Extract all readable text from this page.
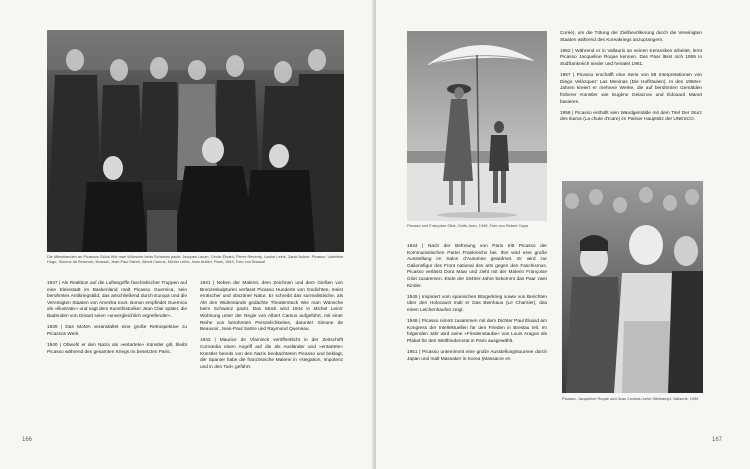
Die Mitwirkenden an Picassos Stück Wie man Wünsche beim Schwanz packt: Jacques Lacan, Cécile Éluard, Pierre Reverdy, Louise Leiris, Zanie Aubier, Picasso, Valentine Hugo, Simone de Beauvoir, Brassaï, Jean-Paul Sartre, Albert Camus, Michel Leiris, Jean Aubier, Paris, 1944, Foto von Brassaï

1937 | Als Reaktion auf die Luftangriffe faschistischer Truppen auf eine Kleinstadt im Baskenland malt Picasso Guernica, sein berühmtes Antikriegsbild, das anschließend durch Europa und die Vereinigten Staaten von Amerika tourt. Bonon empfindet Guernica als »illustrativ« und sagt dem Kunsthistoriker Jean Clair später, die Badenden von Dinard seien »unvergleichlich ergreifender«.

1939 | Das MoMA veranstaltet eine große Retrospektive zu Picassos Werk.

1940 | Obwohl er den Nazis als »entartete« Künstler gilt, bleibt Picasso während des gesamten Kriegs im besetzten Paris.

1941 | Neben der Malerei, dem Zeichnen und dem Gießen von Bronzeskulpturen verfasst Picasso Hunderte von Gedichten, meist erotischer und obszöner Natur. Er schreibt das surrealistische, als Akt des Widerstands gedachte Theaterstück Wie man Wünsche beim Schwanz packt. Das Stück wird 1944 in Michel Leiris' Wohnung unter der Regie von Albert Camus aufgeführt, mit einer Reihe von berühmten Persönlichkeiten, darunter Simone de Beauvoir, Jean-Paul Sartre und Raymond Queneau.

1942 | Maurice de Vlaminck veröffentlicht in der Zeitschrift Comœdia einen Angriff auf die als Ausländer und »entartete« Künstler bereits von den Nazis beobachteten Picasso und beklagt, der Spanier habe die französische Malerei in »Negation, Impotenz und in den Tod« geführt.

166
Picasso und Françoise Gilot, Golfe-Juan, 1948, Foto von Robert Capa

Corée), um die Tötung der Zivilbevölkerung durch die Vereinigten Staaten während des Koreakriegs anzuprangern.

1952 | Während er in Vallauris an seinen Keramiken arbeitet, lernt Picasso Jacqueline Roque kennen. Das Paar lässt sich 1955 in Südfrankreich nieder und heiratet 1961.

1957 | Picasso erschafft eine Serie von 58 Interpretationen von Diego Velázquez' Las Meninas (Die Hoffräulein). In den 1950er-Jahren kreiert er mehrere Werke, die auf berühmten Gemälden früherer Künstler wie Eugène Delacroix und Édouard Manet basieren.

1958 | Picasso enthüllt sein Wandgemälde mit dem Titel Der Sturz des Ikarus (La chute d'Icare) im Pariser Hauptsitz der UNESCO.

1944 | Nach der Befreiung von Paris tritt Picasso der Kommunistischen Partei Frankreichs bei. Ihm wird eine große Ausstellung im Salon d'Automne gewidmet. Er wird zur Galionsfigur des Front national des arts gegen den Faschismus. Picasso verlässt Dora Maar und zieht mit der Malerin Françoise Gilot zusammen. Ende der 1940er-Jahre bekommt das Paar zwei Kinder.

1945 | Inspiriert vom spanischen Bürgerkrieg sowie von Berichten über den Holocaust malt er Das Beinhaus (Le Charnier), das einen Leichenhaufen zeigt.

1948 | Picasso nimmt zusammen mit dem Dichter Paul Éluard am Kongress der Intellektuellen für den Frieden in Breslau teil. Im folgenden Jahr wird seine »Friedenstaube« von Louis Aragon als Plakat für den Weltfriedensrat in Paris ausgewählt.

1951 | Picasso unternimmt eine große Ausstellungstournee durch Japan und malt Massaker in Korea (Massacre en

Picasso, Jacqueline Roque und Jean Cocteau beim Stierkampf, Vallauris, 1955
167
